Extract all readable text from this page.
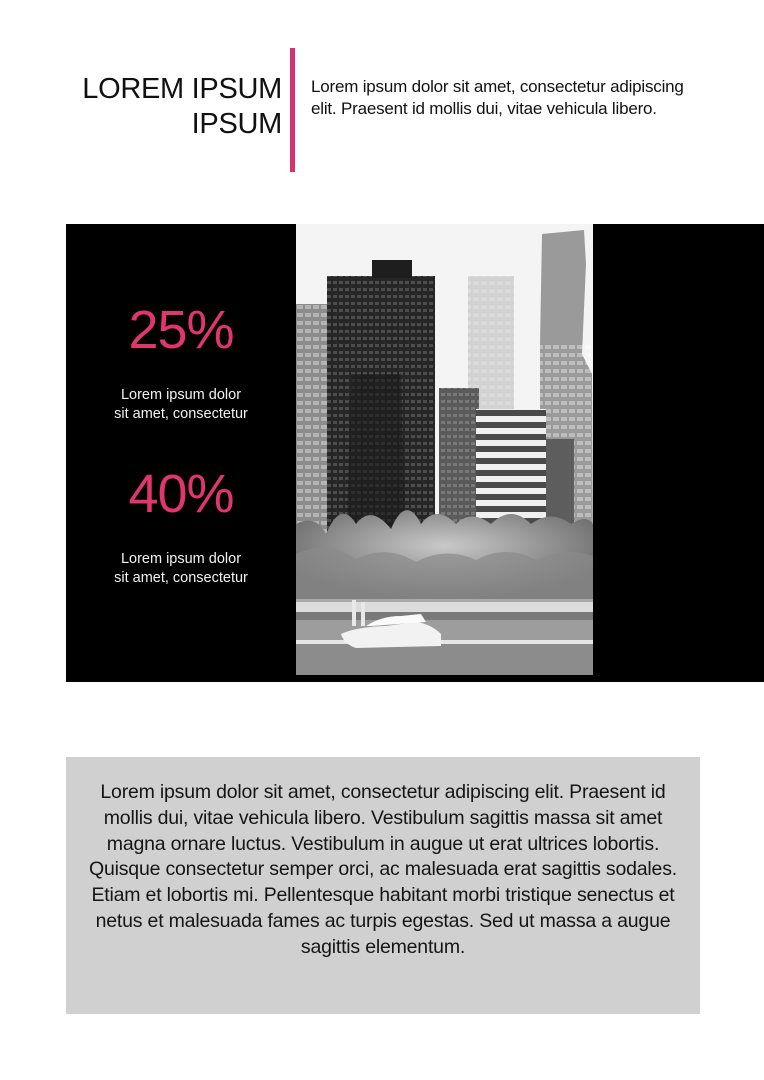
LOREM IPSUM
IPSUM

Lorem ipsum dolor sit amet, consectetur adipiscing elit. Praesent id mollis dui, vitae vehicula libero.

25%
Lorem ipsum dolor
sit amet, consectetur
40%
Lorem ipsum dolor
sit amet, consectetur

Lorem ipsum dolor sit amet, consectetur adipiscing elit. Praesent id mollis dui, vitae vehicula libero. Vestibulum sagittis massa sit amet magna ornare luctus. Vestibulum in augue ut erat ultrices lobortis. Quisque consectetur semper orci, ac malesuada erat sagittis sodales. Etiam et lobortis mi. Pellentesque habitant morbi tristique senectus et netus et malesuada fames ac turpis egestas. Sed ut massa a augue sagittis elementum.
